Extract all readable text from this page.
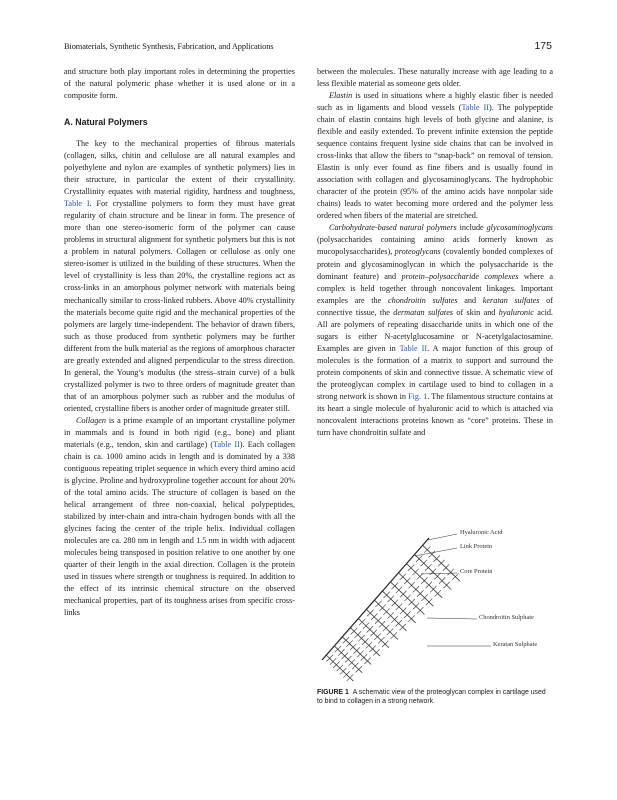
Biomaterials, Synthetic Synthesis, Fabrication, and Applications	175

and structure both play important roles in determining the properties of the natural polymeric phase whether it is used alone or in a composite form.

A. Natural Polymers

The key to the mechanical properties of fibrous materials (collagen, silks, chitin and cellulose are all natural examples and polyethylene and nylon are examples of synthetic polymers) lies in their structure, in particular the extent of their crystallinity. Crystallinity equates with material rigidity, hardness and toughness, Table I. For crystalline polymers to form they must have great regularity of chain structure and be linear in form. The presence of more than one stereo-isomeric form of the polymer can cause problems in structural alignment for synthetic polymers but this is not a problem in natural polymers. Collagen or cellulose as only one stereo-isomer is utilized in the building of these structures. When the level of crystallinity is less than 20%, the crystalline regions act as cross-links in an amorphous polymer network with materials being mechanically similar to cross-linked rubbers. Above 40% crystallinity the materials become quite rigid and the mechanical properties of the polymers are largely time-independent. The behavior of drawn fibers, such as those produced from synthetic polymers may be further different from the bulk material as the regions of amorphous character are greatly extended and aligned perpendicular to the stress direction. In general, the Young’s modulus (the stress–strain curve) of a bulk crystallized polymer is two to three orders of magnitude greater than that of an amorphous polymer such as rubber and the modulus of oriented, crystalline fibers is another order of magnitude greater still.

Collagen is a prime example of an important crystalline polymer in mammals and is found in both rigid (e.g., bone) and pliant materials (e.g., tendon, skin and cartilage) (Table II). Each collagen chain is ca. 1000 amino acids in length and is dominated by a 338 contiguous repeating triplet sequence in which every third amino acid is glycine. Proline and hydroxyproline together account for about 20% of the total amino acids. The structure of collagen is based on the helical arrangement of three non-coaxial, helical polypeptides, stabilized by inter-chain and intra-chain hydrogen bonds with all the glycines facing the center of the triple helix. Individual collagen molecules are ca. 280 nm in length and 1.5 nm in width with adjacent molecules being transposed in position relative to one another by one quarter of their length in the axial direction. Collagen is the protein used in tissues where strength or toughness is required. In addition to the effect of its intrinsic chemical structure on the observed mechanical properties, part of its toughness arises from specific cross-links

between the molecules. These naturally increase with age leading to a less flexible material as someone gets older.

Elastin is used in situations where a highly elastic fiber is needed such as in ligaments and blood vessels (Table II). The polypeptide chain of elastin contains high levels of both glycine and alanine, is flexible and easily extended. To prevent infinite extension the peptide sequence contains frequent lysine side chains that can be involved in cross-links that allow the fibers to “snap-back” on removal of tension. Elastin is only ever found as fine fibers and is usually found in association with collagen and glycosaminoglycans. The hydrophobic character of the protein (95% of the amino acids have nonpolar side chains) leads to water becoming more ordered and the polymer less ordered when fibers of the material are stretched.

Carbohydrate-based natural polymers include glycosaminoglycans (polysaccharides containing amino acids formerly known as mucopolysaccharides), proteoglycans (covalently bonded complexes of protein and glycosaminoglycan in which the polysaccharide is the dominant feature) and protein–polysaccharide complexes where a complex is held together through noncovalent linkages. Important examples are the chondroitin sulfates and keratan sulfates of connective tissue, the dermatan sulfates of skin and hyaluronic acid. All are polymers of repeating disaccharide units in which one of the sugars is either N-acetylglucosamine or N-acetylgalactosamine. Examples are given in Table II. A major function of this group of molecules is the formation of a matrix to support and surround the protein components of skin and connective tissue. A schematic view of the proteoglycan complex in cartilage used to bind to collagen in a strong network is shown in Fig. 1. The filamentous structure contains at its heart a single molecule of hyaluronic acid to which is attached via noncovalent interactions proteins known as “core” proteins. These in turn have chondroitin sulfate and

Hyaluronic Acid
Link Protein
Core Protein
Chondroitin Sulphate
Keratan Sulphate
FIGURE 1 A schematic view of the proteoglycan complex in cartilage used to bind to collagen in a strong network.
